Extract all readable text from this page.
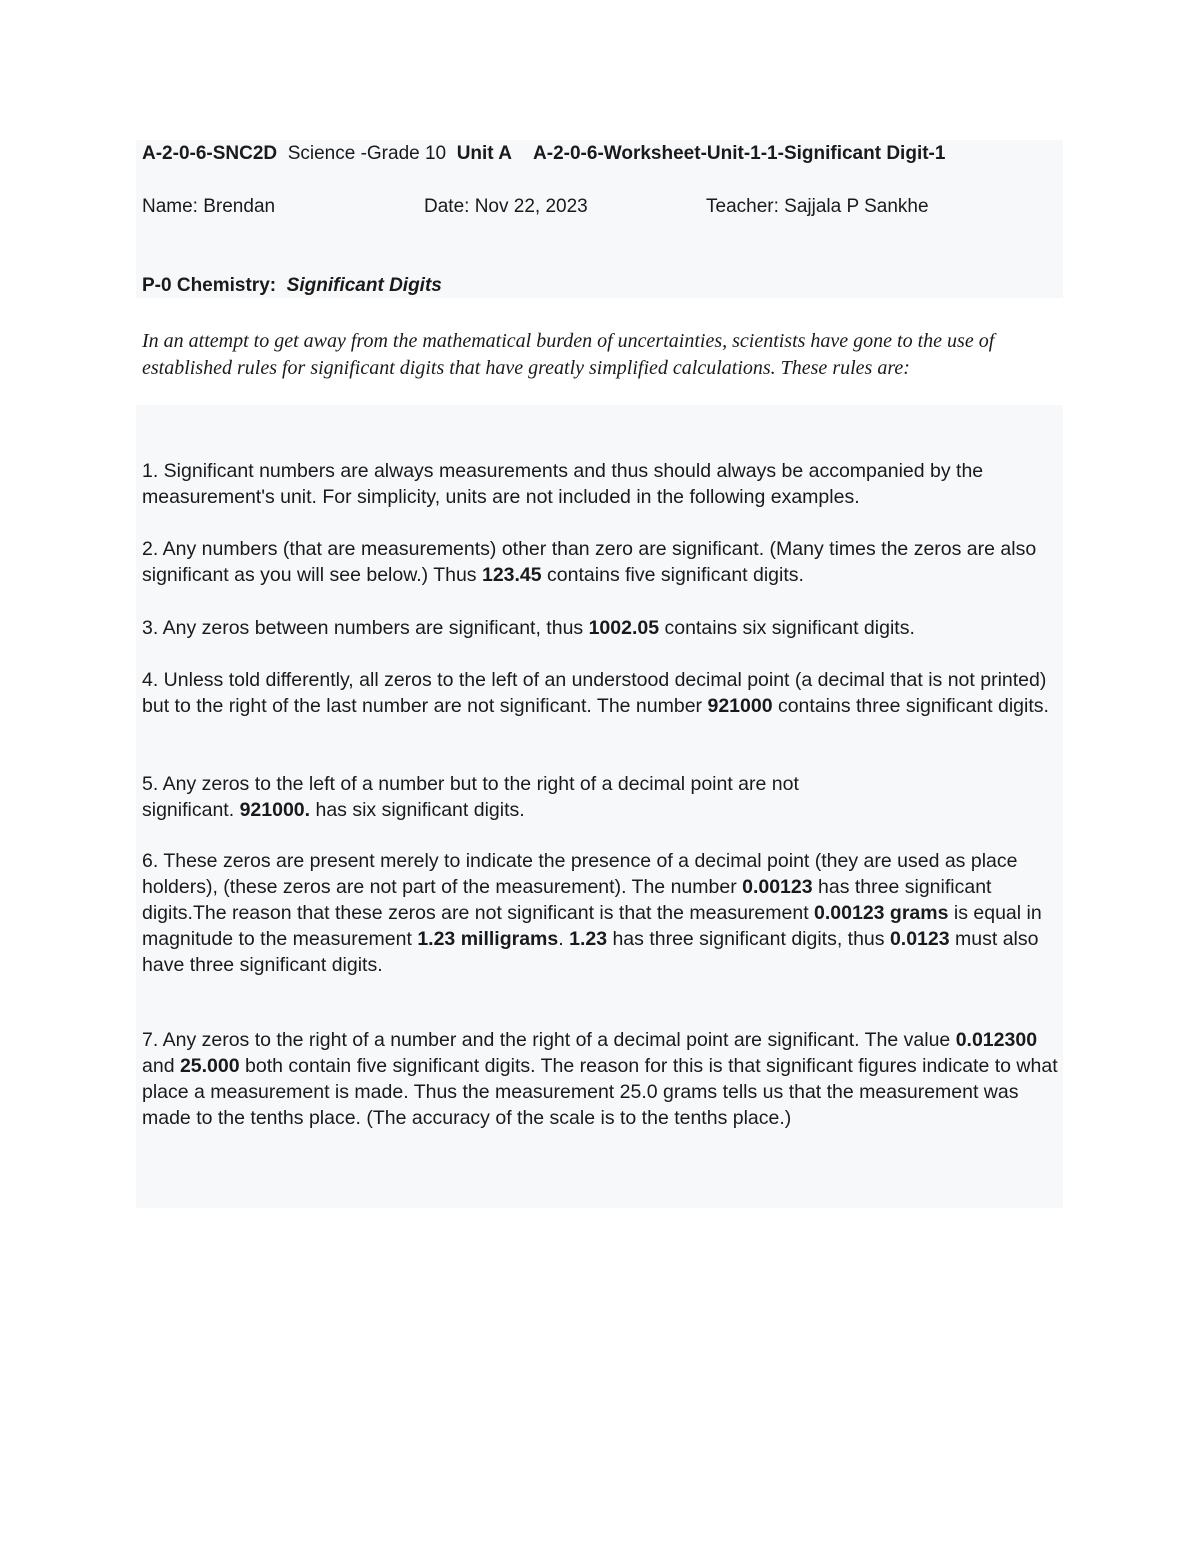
A-2-0-6-SNC2D Science -Grade 10 Unit A A-2-0-6-Worksheet-Unit-1-1-Significant Digit-1
Name: Brendan	Date: Nov 22, 2023	Teacher: Sajjala P Sankhe
P-0 Chemistry: Significant Digits
In an attempt to get away from the mathematical burden of uncertainties, scientists have gone to the use of established rules for significant digits that have greatly simplified calculations. These rules are:
1. Significant numbers are always measurements and thus should always be accompanied by the measurement's unit. For simplicity, units are not included in the following examples.
2. Any numbers (that are measurements) other than zero are significant. (Many times the zeros are also significant as you will see below.) Thus 123.45 contains five significant digits.
3. Any zeros between numbers are significant, thus 1002.05 contains six significant digits.
4. Unless told differently, all zeros to the left of an understood decimal point (a decimal that is not printed) but to the right of the last number are not significant. The number 921000 contains three significant digits.
5. Any zeros to the left of a number but to the right of a decimal point are not significant. 921000. has six significant digits.
6. These zeros are present merely to indicate the presence of a decimal point (they are used as place holders), (these zeros are not part of the measurement). The number 0.00123 has three significant digits.The reason that these zeros are not significant is that the measurement 0.00123 grams is equal in magnitude to the measurement 1.23 milligrams. 1.23 has three significant digits, thus 0.0123 must also have three significant digits.
7. Any zeros to the right of a number and the right of a decimal point are significant. The value 0.012300 and 25.000 both contain five significant digits. The reason for this is that significant figures indicate to what place a measurement is made. Thus the measurement 25.0 grams tells us that the measurement was made to the tenths place. (The accuracy of the scale is to the tenths place.)
